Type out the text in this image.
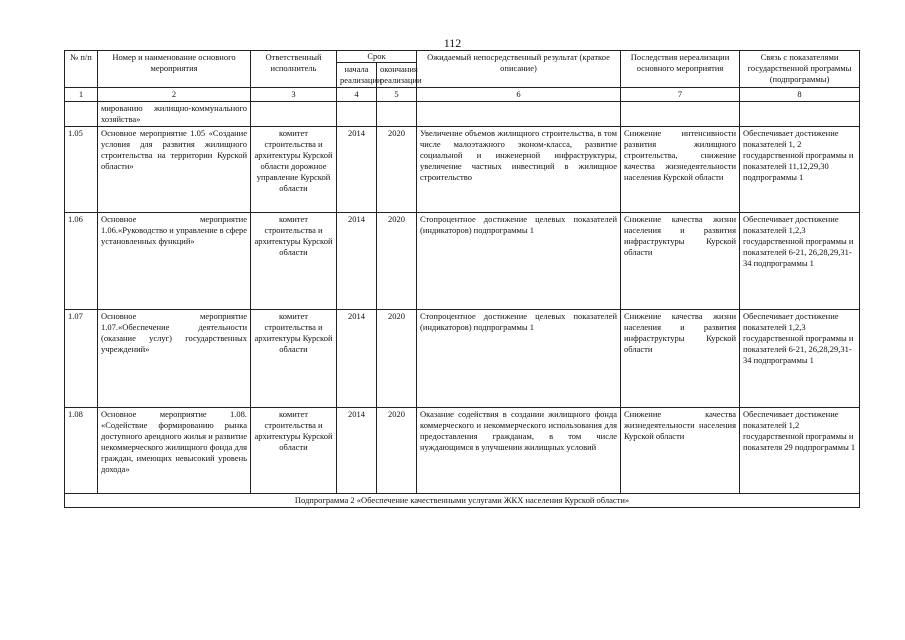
112
№ п/п	Номер и наименование основного мероприятия	Ответственный исполнитель	Срок		Ожидаемый непосредственный результат (краткое описание)	Последствия нереализации основного мероприятия	Связь с показателями государственной программы (подпрограммы)
			начала реализации	окончания реализации			
1	2	3	4	5	6	7	8
	мированию жилищно-коммунального хозяйства»						
1.05	Основное мероприятие 1.05 «Создание условия для развития жилищного строительства на территории Курской области»	комитет строительства и архитектуры Курской области дорожное управление Курской области	2014	2020	Увеличение объемов жилищного строительства, в том числе малоэтажного эконом-класса, развитие социальной и инженерной инфраструктуры, увеличение частных инвестиций в жилищное строительство	Снижение интенсивности развития жилищного строительства, снижение качества жизнедеятельности населения Курской области	Обеспечивает достижение показателей 1, 2 государственной программы и показателей 11,12,29,30 подпрограммы 1
1.06	Основное мероприятие 1.06.«Руководство и управление в сфере установленных функций»	комитет строительства и архитектуры Курской области	2014	2020	Стопроцентное достижение целевых показателей (индикаторов) подпрограммы 1	Снижение качества жизни населения и развития инфраструктуры Курской области	Обеспечивает достижение показателей 1,2,3 государственной программы и показателей 6-21, 26,28,29,31-34 подпрограммы 1
1.07	Основное мероприятие 1.07.«Обеспечение деятельности (оказание услуг) государственных учреждений»	комитет строительства и архитектуры Курской области	2014	2020	Стопроцентное достижение целевых показателей (индикаторов) подпрограммы 1	Снижение качества жизни населения и развития инфраструктуры Курской области	Обеспечивает достижение показателей 1,2,3 государственной программы и показателей 6-21, 26,28,29,31-34 подпрограммы 1
1.08	Основное мероприятие 1.08. «Содействие формированию рынка доступного арендного жилья и развитие некоммерческого жилищного фонда для граждан, имеющих невысокий уровень дохода»	комитет строительства и архитектуры Курской области	2014	2020	Оказание содействия в создании жилищного фонда коммерческого и некоммерческого использования для предоставления гражданам, в том числе нуждающимся в улучшении жилищных условий	Снижение качества жизнедеятельности населения Курской области	Обеспечивает достижение показателей 1,2 государственной программы и показателя 29 подпрограммы 1
Подпрограмма 2 «Обеспечение качественными услугами ЖКХ населения Курской области»							
